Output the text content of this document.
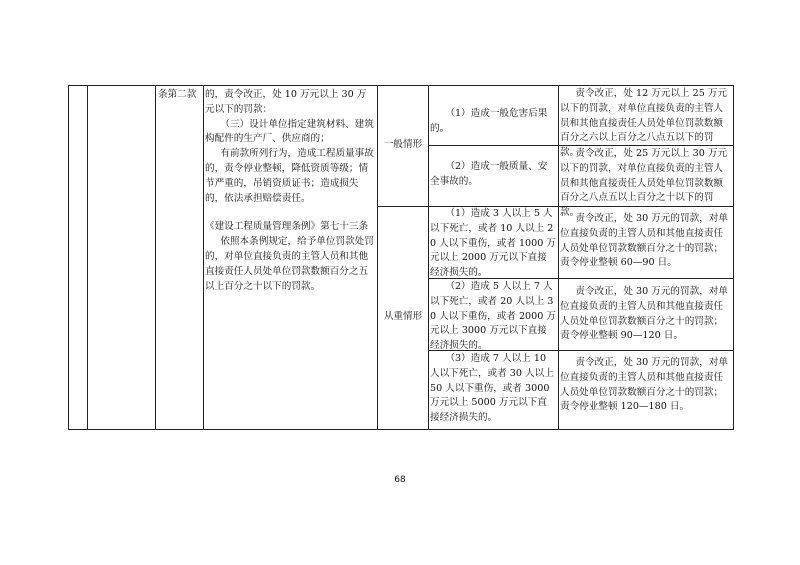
条第二款 的，责令改正，处 10 万元以上 30 万元以下的罚款：
（三）设计单位指定建筑材料、建筑构配件的生产厂、供应商的；
有前款所列行为，造成工程质量事故的，责令停业整顿，降低资质等级；情节严重的，吊销资质证书；造成损失的，依法承担赔偿责任。
《建设工程质量管理条例》第七十三条
依照本条例规定，给予单位罚款处罚的，对单位直接负责的主管人员和其他直接责任人员处单位罚款数额百分之五以上百分之十以下的罚款。
一般情形
从重情形
（1）造成一般危害后果的。
责令改正，处 12 万元以上 25 万元以下的罚款，对单位直接负责的主管人员和其他直接责任人员处单位罚款数额百分之六以上百分之八点五以下的罚款。
（2）造成一般质量、安全事故的。
责令改正，处 25 万元以上 30 万元以下的罚款，对单位直接负责的主管人员和其他直接责任人员处单位罚款数额百分之八点五以上百分之十以下的罚款。
（1）造成 3 人以上 5 人以下死亡，或者 10 人以上 20 人以下重伤，或者 1000 万元以上 2000 万元以下直接经济损失的。
责令改正，处 30 万元的罚款，对单位直接负责的主管人员和其他直接责任人员处单位罚款数额百分之十的罚款；责令停业整顿 60—90 日。
（2）造成 5 人以上 7 人以下死亡，或者 20 人以上 30 人以下重伤，或者 2000 万元以上 3000 万元以下直接经济损失的。
责令改正，处 30 万元的罚款，对单位直接负责的主管人员和其他直接责任人员处单位罚款数额百分之十的罚款；责令停业整顿 90—120 日。
（3）造成 7 人以上 10 人以下死亡，或者 30 人以上 50 人以下重伤，或者 3000 万元以上 5000 万元以下直接经济损失的。
责令改正，处 30 万元的罚款，对单位直接负责的主管人员和其他直接责任人员处单位罚款数额百分之十的罚款；责令停业整顿 120—180 日。
68
